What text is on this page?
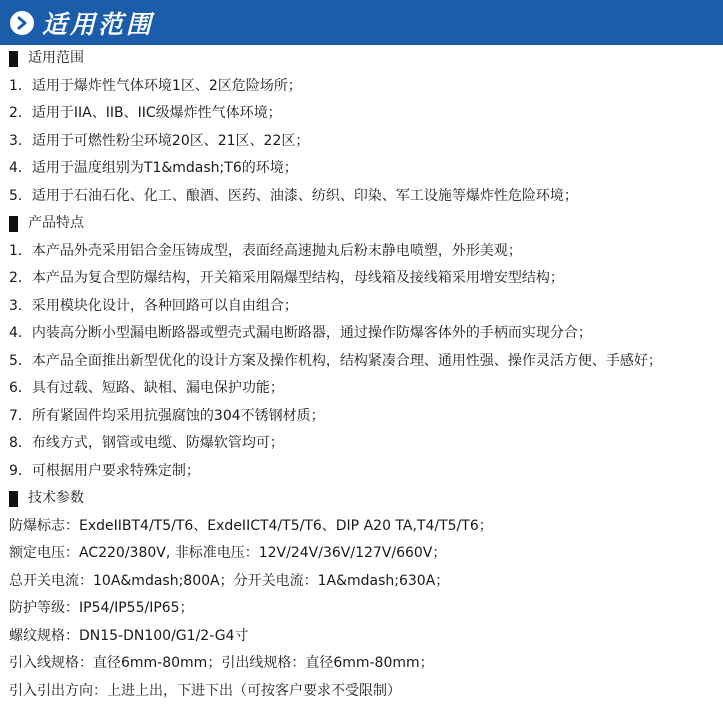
适用范围
适用范围
1．适用于爆炸性气体环境1区、2区危险场所；
2．适用于IIA、IIB、IIC级爆炸性气体环境；
3．适用于可燃性粉尘环境20区、21区、22区；
4．适用于温度组别为T1&mdash;T6的环境；
5．适用于石油石化、化工、酿酒、医药、油漆、纺织、印染、军工设施等爆炸性危险环境；
产品特点
1．本产品外壳采用铝合金压铸成型，表面经高速抛丸后粉末静电喷塑，外形美观；
2．本产品为复合型防爆结构，开关箱采用隔爆型结构，母线箱及接线箱采用增安型结构；
3．采用模块化设计，各种回路可以自由组合；
4．内装高分断小型漏电断路器或塑壳式漏电断路器，通过操作防爆客体外的手柄而实现分合；
5．本产品全面推出新型优化的设计方案及操作机构，结构紧凑合理、通用性强、操作灵活方便、手感好；
6．具有过载、短路、缺相、漏电保护功能；
7．所有紧固件均采用抗强腐蚀的304不锈钢材质；
8．布线方式，钢管或电缆、防爆软管均可；
9．可根据用户要求特殊定制；
技术参数
防爆标志：ExdeIIBT4/T5/T6、ExdeIICT4/T5/T6、DIP A20 TA,T4/T5/T6；
额定电压：AC220/380V, 非标准电压：12V/24V/36V/127V/660V；
总开关电流：10A&mdash;800A；分开关电流：1A&mdash;630A；
防护等级：IP54/IP55/IP65；
螺纹规格：DN15-DN100/G1/2-G4寸
引入线规格：直径6mm-80mm；引出线规格：直径6mm-80mm；
引入引出方向：上进上出，下进下出（可按客户要求不受限制）
